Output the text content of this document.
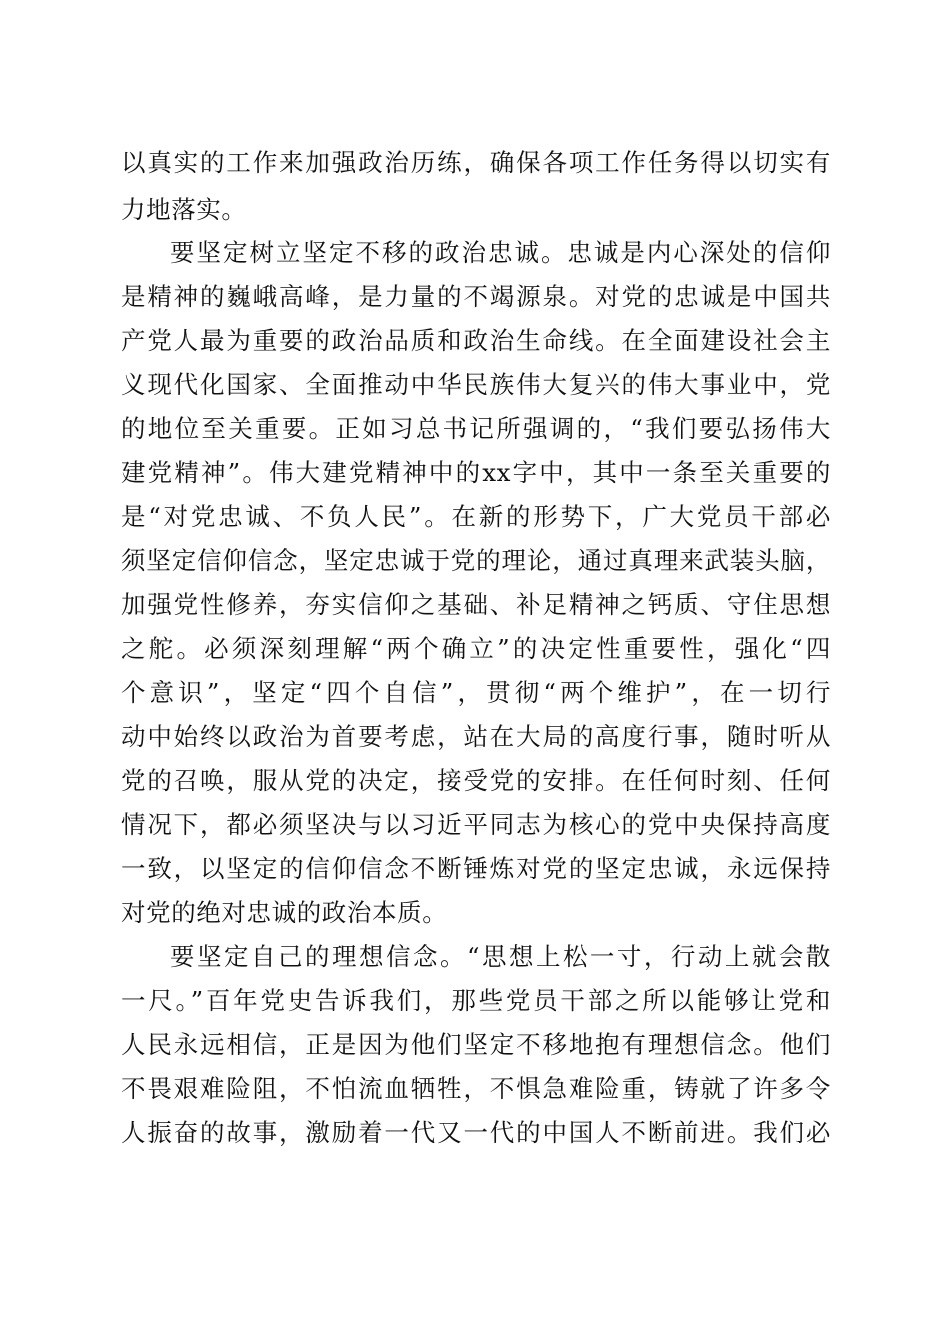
以真实的工作来加强政治历练，确保各项工作任务得以切实有
力地落实。
要坚定树立坚定不移的政治忠诚。忠诚是内心深处的信仰
是精神的巍峨高峰，是力量的不竭源泉。对党的忠诚是中国共
产党人最为重要的政治品质和政治生命线。在全面建设社会主
义现代化国家、全面推动中华民族伟大复兴的伟大事业中，党
的地位至关重要。正如习总书记所强调的，“我们要弘扬伟大
建党精神”。伟大建党精神中的xx字中，其中一条至关重要的
是“对党忠诚、不负人民”。在新的形势下，广大党员干部必
须坚定信仰信念，坚定忠诚于党的理论，通过真理来武装头脑，
加强党性修养，夯实信仰之基础、补足精神之钙质、守住思想
之舵。必须深刻理解“两个确立”的决定性重要性，强化“四
个意识”，坚定“四个自信”，贯彻“两个维护”，在一切行
动中始终以政治为首要考虑，站在大局的高度行事，随时听从
党的召唤，服从党的决定，接受党的安排。在任何时刻、任何
情况下，都必须坚决与以习近平同志为核心的党中央保持高度
一致，以坚定的信仰信念不断锤炼对党的坚定忠诚，永远保持
对党的绝对忠诚的政治本质。
要坚定自己的理想信念。“思想上松一寸，行动上就会散
一尺。”百年党史告诉我们，那些党员干部之所以能够让党和
人民永远相信，正是因为他们坚定不移地抱有理想信念。他们
不畏艰难险阻，不怕流血牺牲，不惧急难险重，铸就了许多令
人振奋的故事，激励着一代又一代的中国人不断前进。我们必
